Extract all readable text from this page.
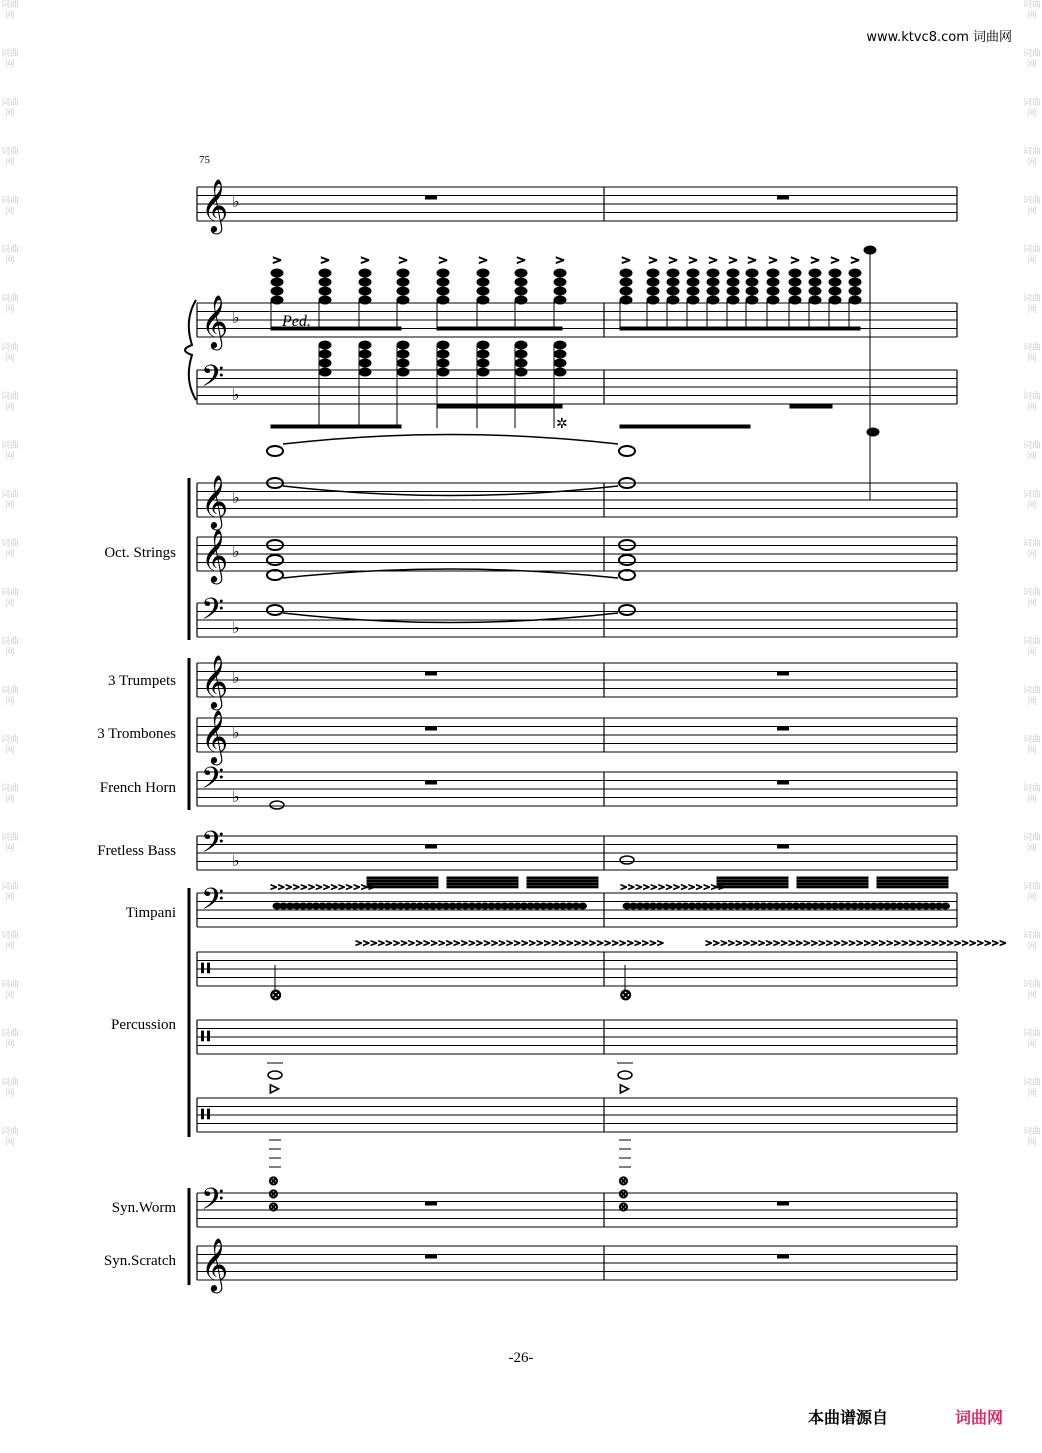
词曲网
词曲网
词曲网
词曲网
词曲网
词曲网
词曲网
词曲网
词曲网
词曲网
词曲网
词曲网
词曲网
词曲网
词曲网
词曲网
词曲网
词曲网
词曲网
词曲网
词曲网
词曲网
词曲网
词曲网
词曲网
词曲网
词曲网
词曲网
词曲网
词曲网
词曲网
词曲网
词曲网
词曲网
词曲网
词曲网
词曲网
词曲网
词曲网
词曲网
词曲网
词曲网
词曲网
词曲网
词曲网
词曲网
词曲网
词曲网
www.ktvc8.com 词曲网
75
Oct. Strings
3 Trumpets
3 Trombones
French Horn
Fretless Bass
Timpani
Percussion
Syn.Worm
Syn.Scratch
𝄞 ♭
𝄞 ♭
𝄢 ♭
𝄞 ♭
𝄞 ♭
𝄢 ♭
𝄞 ♭
𝄞 ♭
𝄢 ♭
𝄢 ♭
𝄢
𝄥
𝄥
𝄥
𝄢
𝄞
>	> > > > > > >	> > > > > > > > > > > >
>>>>>>>>>>>>>>	>>>>>>>>>>>>>>
>>>>>>>>>>>>>>>>>>>>>>>>>>>>>>>>>>>>>>>>>	>>>>>>>>>>>>>>>>>>>>>>>>>>>>>>>>>>>>>>>>
⊗
▷
⊗
⊗
⊗
⊗
▷
⊗
⊗
⊗
Ped.
✲
-26-
本曲谱源自	词曲网
